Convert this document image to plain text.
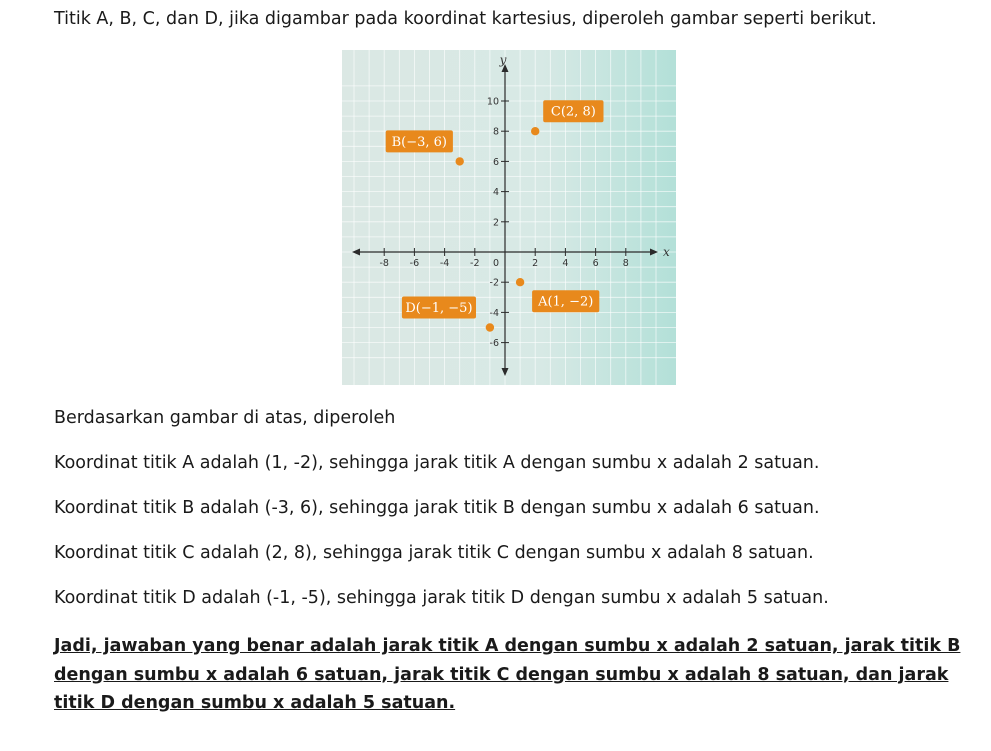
Titik A, B, C, dan D, jika digambar pada koordinat kartesius, diperoleh gambar seperti berikut.

x
y
-8 -6 -4 -2	2	4	6	8
10
8
6
4
2
-2
-4
-6
0
A(1, −2)
B(−3, 6)
C(2, 8)
D(−1, −5)

Berdasarkan gambar di atas, diperoleh

Koordinat titik A adalah (1, -2), sehingga jarak titik A dengan sumbu x adalah 2 satuan.

Koordinat titik B adalah (-3, 6), sehingga jarak titik B dengan sumbu x adalah 6 satuan.

Koordinat titik C adalah (2, 8), sehingga jarak titik C dengan sumbu x adalah 8 satuan.

Koordinat titik D adalah (-1, -5), sehingga jarak titik D dengan sumbu x adalah 5 satuan.

Jadi, jawaban yang benar adalah jarak titik A dengan sumbu x adalah 2 satuan, jarak titik B dengan sumbu x adalah 6 satuan, jarak titik C dengan sumbu x adalah 8 satuan, dan jarak titik D dengan sumbu x adalah 5 satuan.
